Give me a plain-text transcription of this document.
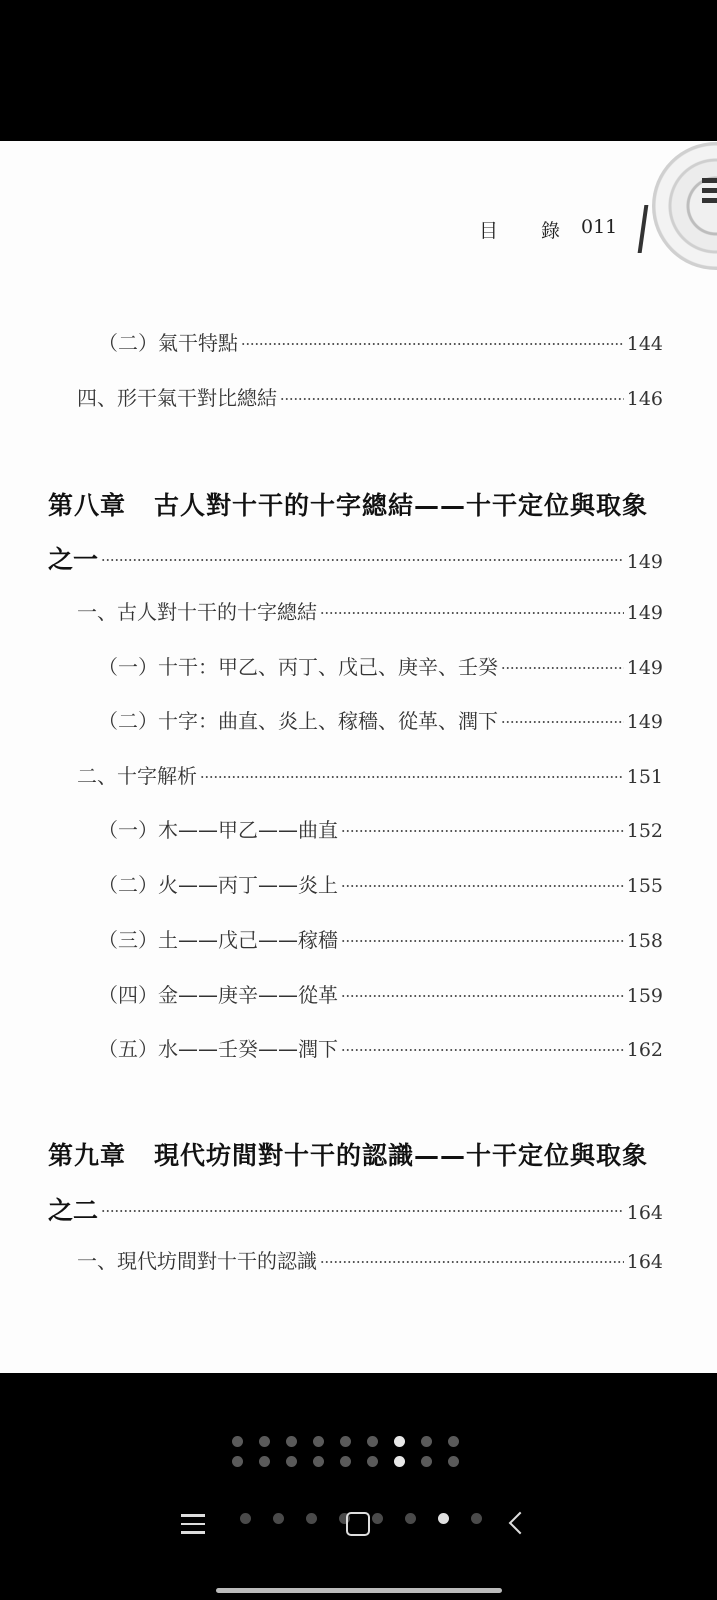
目 錄 011
（二）氣干特點	144
四、形干氣干對比總結	146
第八章 古人對十干的十字總結——十干定位與取象
之一	149
一、古人對十干的十字總結	149
（一）十干：甲乙、丙丁、戊己、庚辛、壬癸	149
（二）十字：曲直、炎上、稼穡、從革、潤下	149
二、十字解析	151
（一）木——甲乙——曲直	152
（二）火——丙丁——炎上	155
（三）土——戊己——稼穡	158
（四）金——庚辛——從革	159
（五）水——壬癸——潤下	162
第九章 現代坊間對十干的認識——十干定位與取象
之二	164
一、現代坊間對十干的認識	164
